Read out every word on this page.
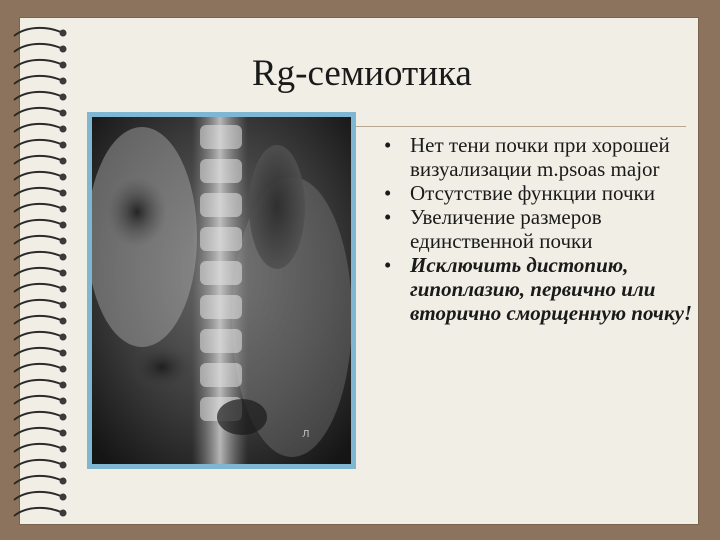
Rg-семиотика
Л
• Нет тени почки при хорошей визуализации m.psoas major
• Отсутствие функции почки
• Увеличение размеров единственной почки
• Исключить дистопию, гипоплазию, первично или вторично сморщенную почку!
